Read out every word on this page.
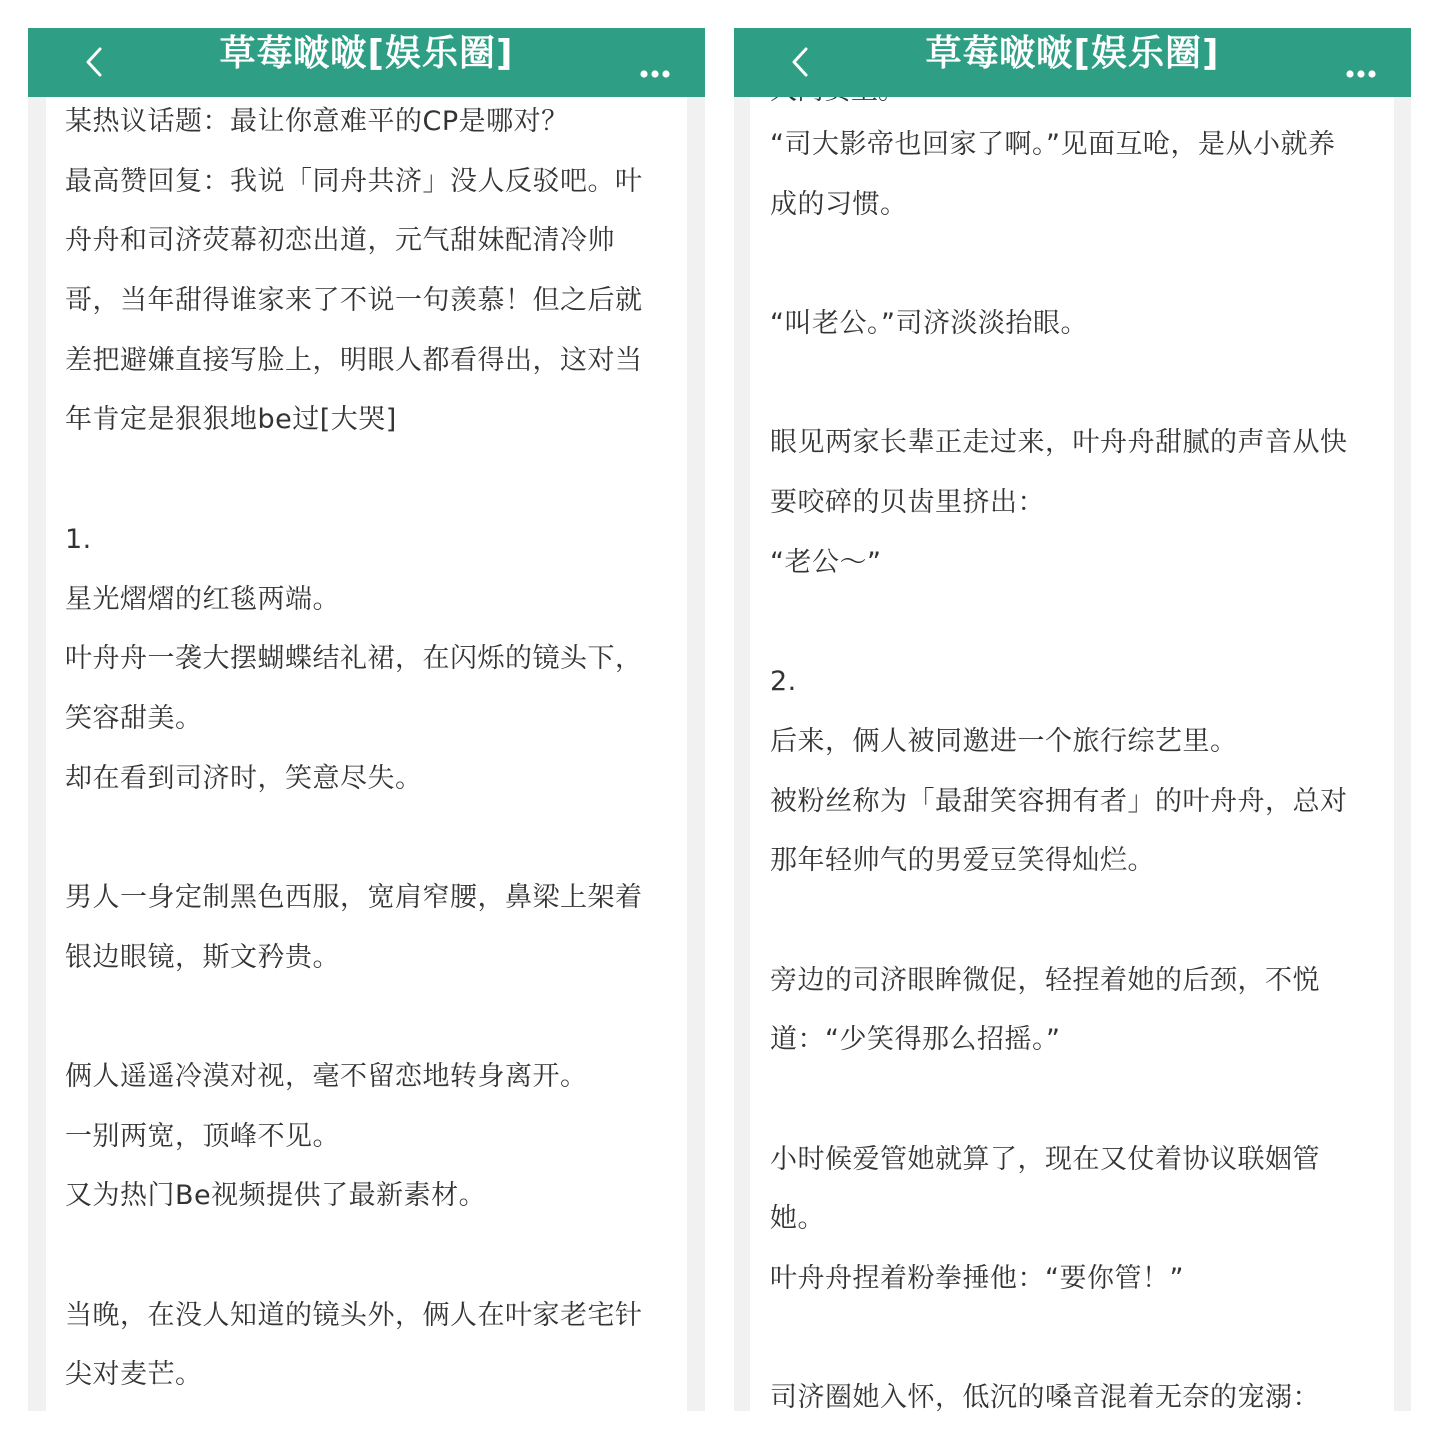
草莓啵啵[娱乐圈]
某热议话题：最让你意难平的CP是哪对？
最高赞回复：我说「同舟共济」没人反驳吧。叶
舟舟和司济荧幕初恋出道，元气甜妹配清冷帅
哥，当年甜得谁家来了不说一句羡慕！但之后就
差把避嫌直接写脸上，明眼人都看得出，这对当
年肯定是狠狠地be过[大哭]
1.
星光熠熠的红毯两端。
叶舟舟一袭大摆蝴蝶结礼裙，在闪烁的镜头下，
笑容甜美。
却在看到司济时，笑意尽失。
男人一身定制黑色西服，宽肩窄腰，鼻梁上架着
银边眼镜，斯文矜贵。
俩人遥遥冷漠对视，毫不留恋地转身离开。
一别两宽，顶峰不见。
又为热门Be视频提供了最新素材。
当晚，在没人知道的镜头外，俩人在叶家老宅针
尖对麦芒。
草莓啵啵[娱乐圈]
“司大影帝也回家了啊。”见面互呛，是从小就养
成的习惯。
“叫老公。”司济淡淡抬眼。
眼见两家长辈正走过来，叶舟舟甜腻的声音从快
要咬碎的贝齿里挤出：
“老公～”
2.
后来，俩人被同邀进一个旅行综艺里。
被粉丝称为「最甜笑容拥有者」的叶舟舟，总对
那年轻帅气的男爱豆笑得灿烂。
旁边的司济眼眸微促，轻捏着她的后颈，不悦
道：“少笑得那么招摇。”
小时候爱管她就算了，现在又仗着协议联姻管
她。
叶舟舟捏着粉拳捶他：“要你管！”
司济圈她入怀，低沉的嗓音混着无奈的宠溺：
